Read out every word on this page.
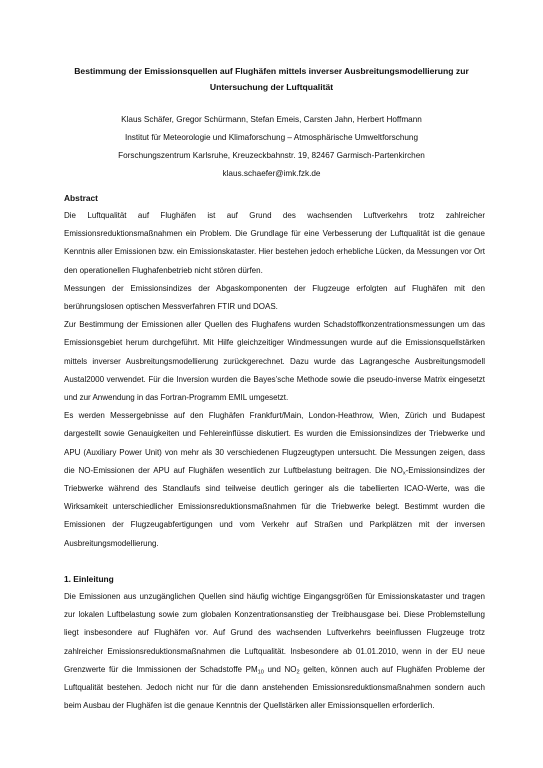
Bestimmung der Emissionsquellen auf Flughäfen mittels inverser Ausbreitungsmodellierung zur
Untersuchung der Luftqualität
Klaus Schäfer, Gregor Schürmann, Stefan Emeis, Carsten Jahn, Herbert Hoffmann
Institut für Meteorologie und Klimaforschung – Atmosphärische Umweltforschung
Forschungszentrum Karlsruhe, Kreuzeckbahnstr. 19, 82467 Garmisch-Partenkirchen
klaus.schaefer@imk.fzk.de
Abstract

Die Luftqualität auf Flughäfen ist auf Grund des wachsenden Luftverkehrs trotz zahlreicher Emissionsreduktionsmaßnahmen ein Problem. Die Grundlage für eine Verbesserung der Luftqualität ist die genaue Kenntnis aller Emissionen bzw. ein Emissionskataster. Hier bestehen jedoch erhebliche Lücken, da Messungen vor Ort den operationellen Flughafenbetrieb nicht stören dürfen.

Messungen der Emissionsindizes der Abgaskomponenten der Flugzeuge erfolgten auf Flughäfen mit den berührungslosen optischen Messverfahren FTIR und DOAS.

Zur Bestimmung der Emissionen aller Quellen des Flughafens wurden Schadstoffkonzentrationsmessungen um das Emissionsgebiet herum durchgeführt. Mit Hilfe gleichzeitiger Windmessungen wurde auf die Emissionsquellstärken mittels inverser Ausbreitungsmodellierung zurückgerechnet. Dazu wurde das Lagrangesche Ausbreitungsmodell Austal2000 verwendet. Für die Inversion wurden die Bayes’sche Methode sowie die pseudo-inverse Matrix eingesetzt und zur Anwendung in das Fortran-Programm EMIL umgesetzt.

Es werden Messergebnisse auf den Flughäfen Frankfurt/Main, London-Heathrow, Wien, Zürich und Budapest dargestellt sowie Genauigkeiten und Fehlereinflüsse diskutiert. Es wurden die Emissionsindizes der Triebwerke und APU (Auxiliary Power Unit) von mehr als 30 verschiedenen Flugzeugtypen untersucht. Die Messungen zeigen, dass die NO-Emissionen der APU auf Flughäfen wesentlich zur Luftbelastung beitragen. Die $NO_x$-Emissionsindizes der Triebwerke während des Standlaufs sind teilweise deutlich geringer als die tabellierten ICAO-Werte, was die Wirksamkeit unterschiedlicher Emissionsreduktionsmaßnahmen für die Triebwerke belegt. Bestimmt wurden die Emissionen der Flugzeugabfertigungen und vom Verkehr auf Straßen und Parkplätzen mit der inversen Ausbreitungsmodellierung.

1. Einleitung

Die Emissionen aus unzugänglichen Quellen sind häufig wichtige Eingangsgrößen für Emissionskataster und tragen zur lokalen Luftbelastung sowie zum globalen Konzentrationsanstieg der Treibhausgase bei. Diese Problemstellung liegt insbesondere auf Flughäfen vor. Auf Grund des wachsenden Luftverkehrs beeinflussen Flugzeuge trotz zahlreicher Emissionsreduktionsmaßnahmen die Luftqualität. Insbesondere ab 01.01.2010, wenn in der EU neue Grenzwerte für die Immissionen der Schadstoffe $PM_{10}$ und $NO_2$ gelten, können auch auf Flughäfen Probleme der Luftqualität bestehen. Jedoch nicht nur für die dann anstehenden Emissionsreduktionsmaßnahmen sondern auch beim Ausbau der Flughäfen ist die genaue Kenntnis der Quellstärken aller Emissionsquellen erforderlich.
